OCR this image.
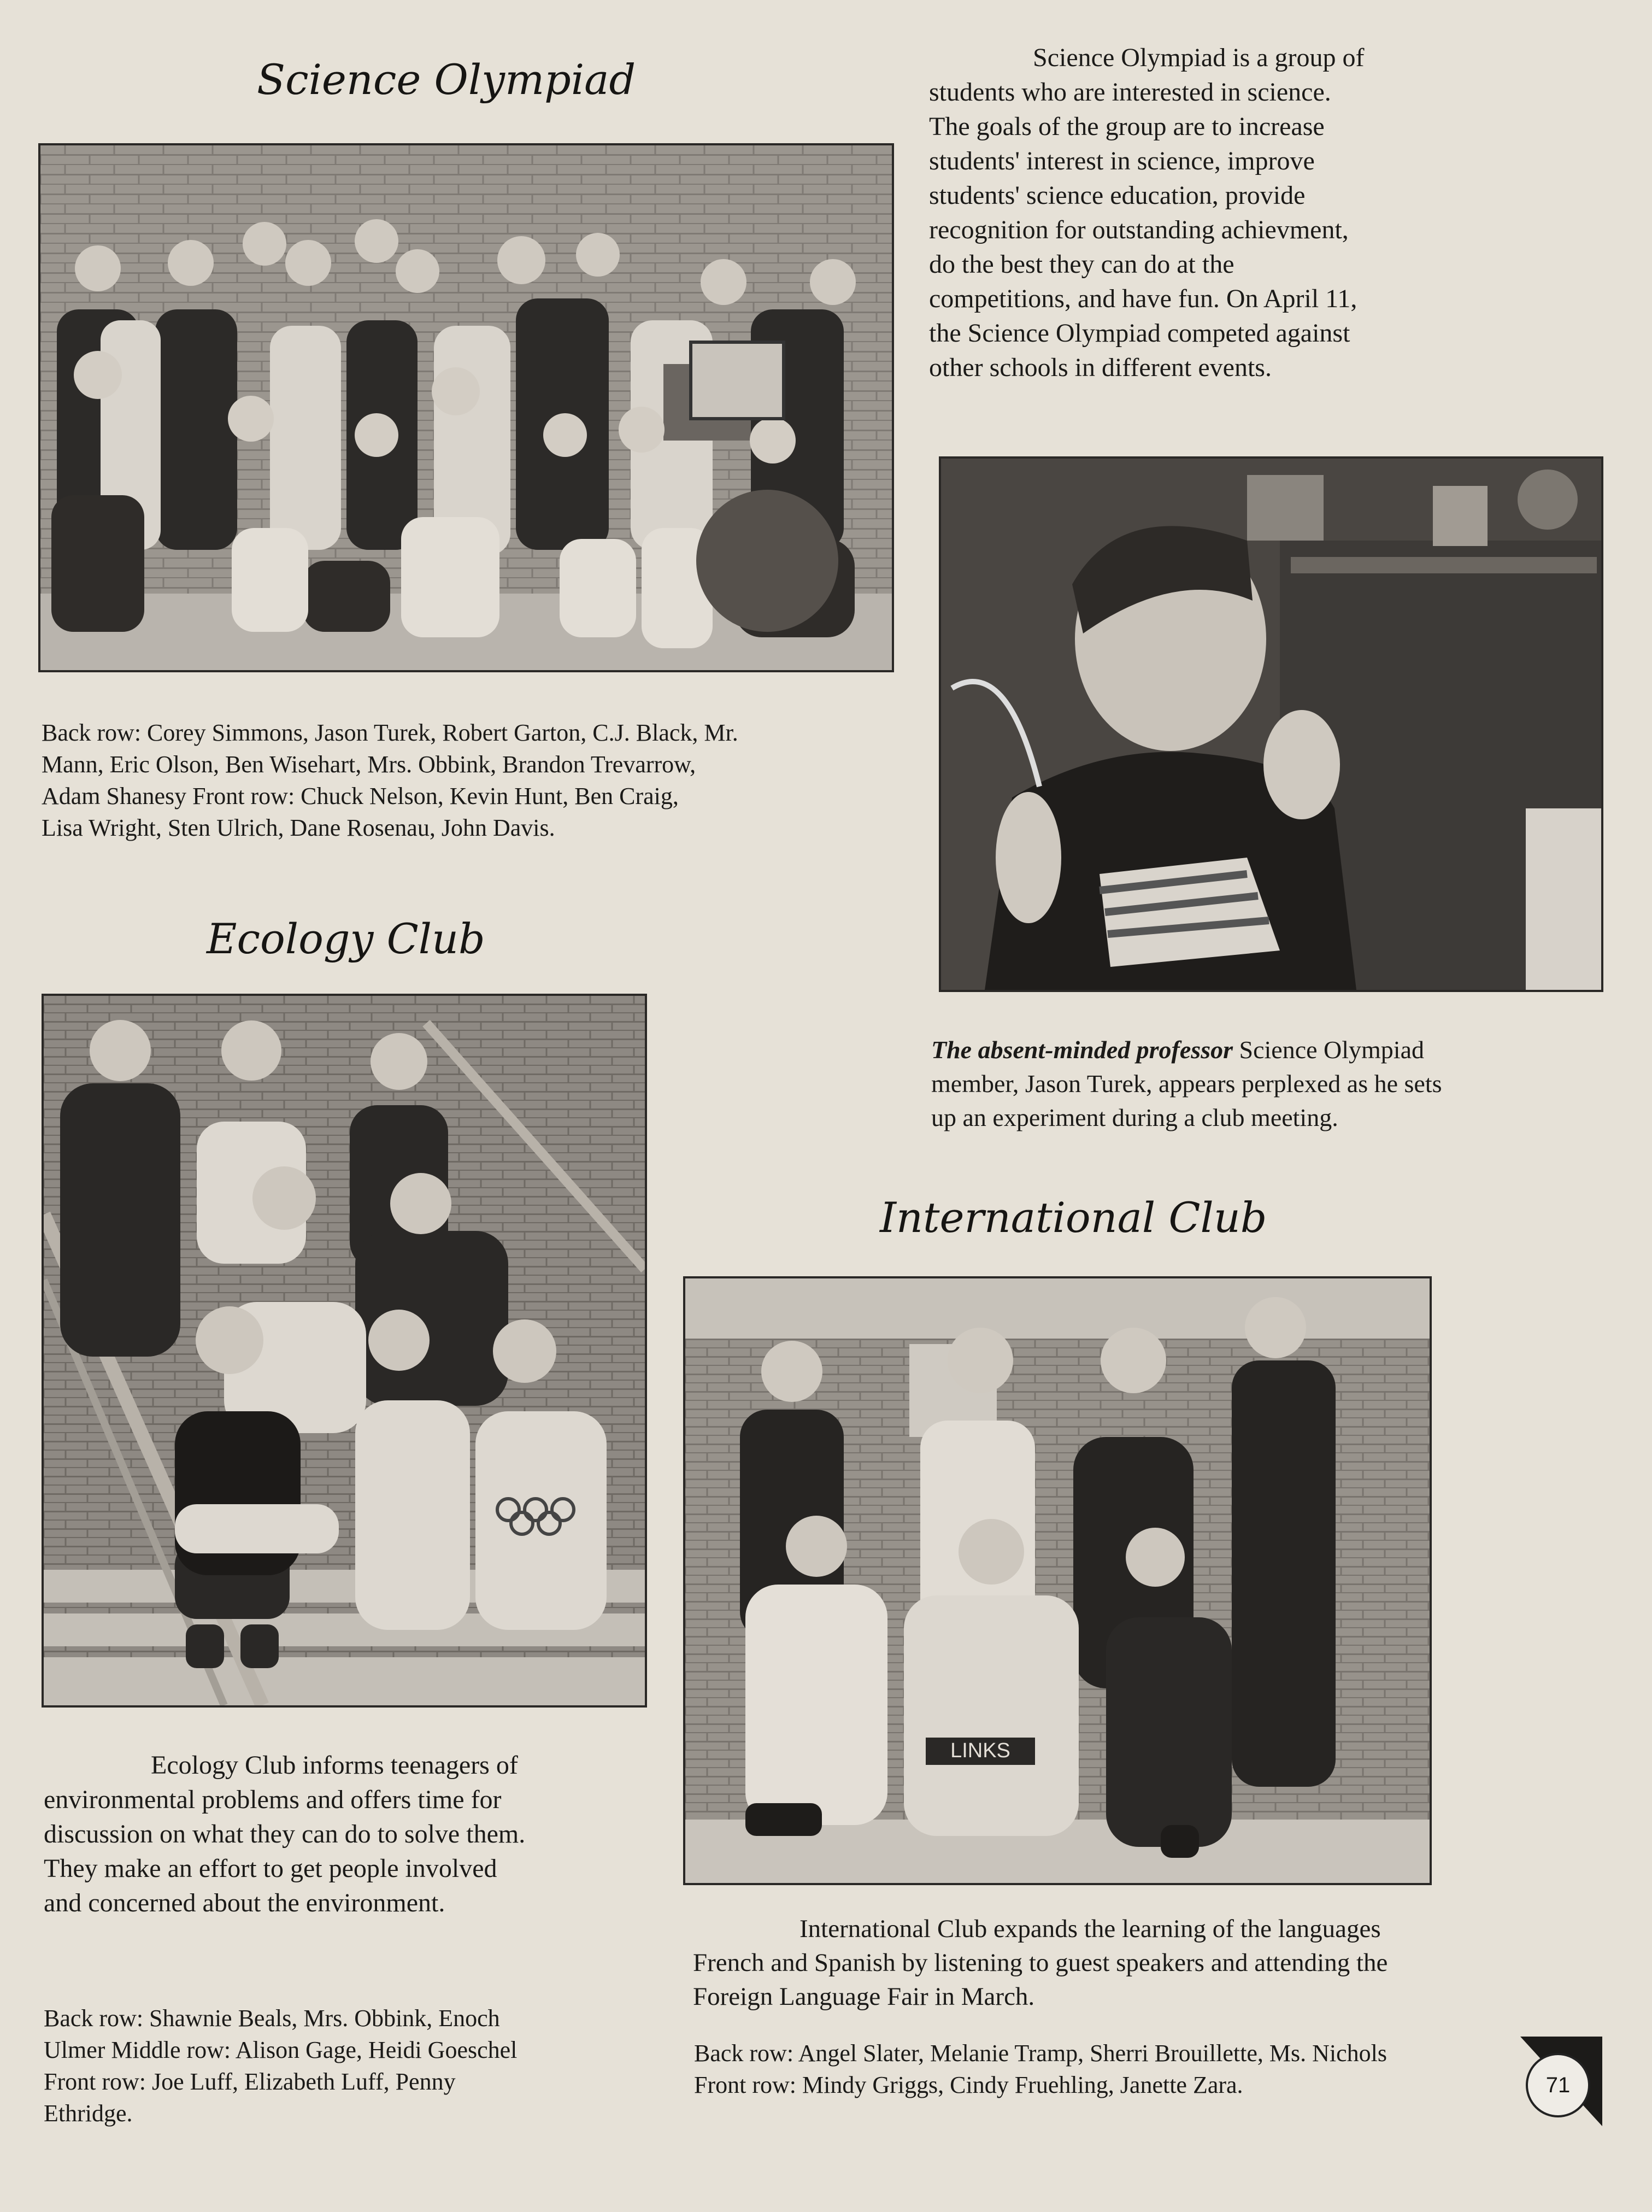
Science Olympiad	Science Olympiad is a group of
students who are interested in science.
The goals of the group are to increase
students' interest in science, improve
students' science education, provide
recognition for outstanding achievment,
do the best they can do at the
competitions, and have fun. On April 11,
the Science Olympiad competed against
other schools in different events.
The absent-minded professor Science Olympiad
member, Jason Turek, appears perplexed as he sets
up an experiment during a club meeting.
Back row: Corey Simmons, Jason Turek, Robert Garton, C.J. Black, Mr.
Mann, Eric Olson, Ben Wisehart, Mrs. Obbink, Brandon Trevarrow,
Adam Shanesy Front row: Chuck Nelson, Kevin Hunt, Ben Craig,
Lisa Wright, Sten Ulrich, Dane Rosenau, John Davis.
Ecology Club
Ecology Club informs teenagers of
environmental problems and offers time for
discussion on what they can do to solve them.
They make an effort to get people involved
and concerned about the environment.
Back row: Shawnie Beals, Mrs. Obbink, Enoch
Ulmer Middle row: Alison Gage, Heidi Goeschel
Front row: Joe Luff, Elizabeth Luff, Penny
Ethridge.
International Club
LINKS
International Club expands the learning of the languages
French and Spanish by listening to guest speakers and attending the
Foreign Language Fair in March.
Back row: Angel Slater, Melanie Tramp, Sherri Brouillette, Ms. Nichols
Front row: Mindy Griggs, Cindy Fruehling, Janette Zara.	71
